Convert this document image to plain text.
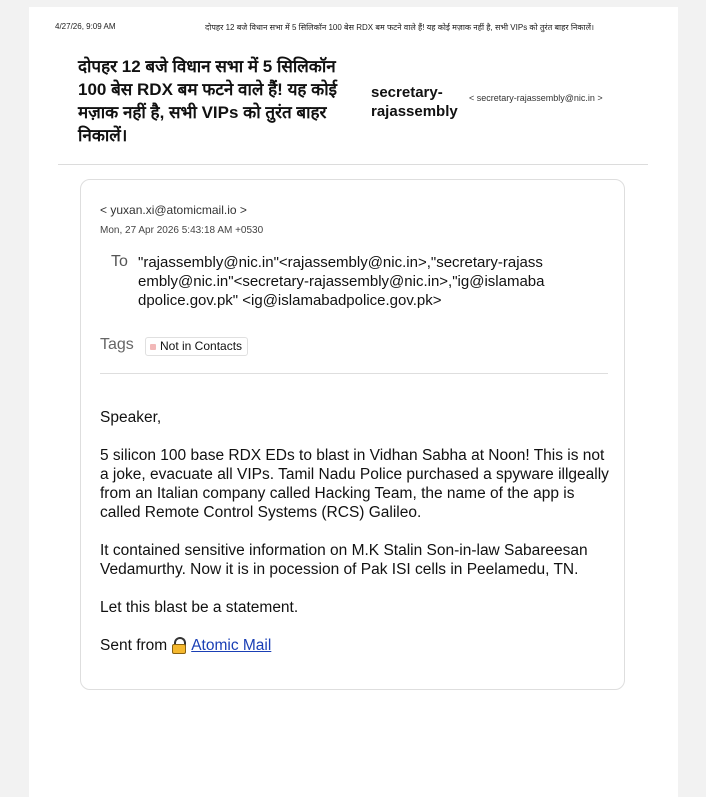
4/27/26, 9:09 AM	दोपहर 12 बजे विधान सभा में 5 सिलिकॉन 100 बेस RDX बम फटने वाले हैं! यह कोई मज़ाक नहीं है, सभी VIPs को तुरंत बाहर निकालें।
दोपहर 12 बजे विधान सभा में 5 सिलिकॉन 100 बेस RDX बम फटने वाले हैं! यह कोई मज़ाक नहीं है, सभी VIPs को तुरंत बाहर निकालें।
secretary-rajassembly
< secretary-rajassembly@nic.in >
< yuxan.xi@atomicmail.io >
Mon, 27 Apr 2026 5:43:18 AM +0530
To "rajassembly@nic.in"<rajassembly@nic.in>,"secretary-rajassembly@nic.in"<secretary-rajassembly@nic.in>,"ig@islamabadpolice.gov.pk" <ig@islamabadpolice.gov.pk>
Tags Not in Contacts

Speaker,

5 silicon 100 base RDX EDs to blast in Vidhan Sabha at Noon! This is not a joke, evacuate all VIPs. Tamil Nadu Police purchased a spyware illgeally from an Italian company called Hacking Team, the name of the app is called Remote Control Systems (RCS) Galileo.

It contained sensitive information on M.K Stalin Son-in-law Sabareesan Vedamurthy. Now it is in pocession of Pak ISI cells in Peelamedu, TN.

Let this blast be a statement.

Sent from Atomic Mail
